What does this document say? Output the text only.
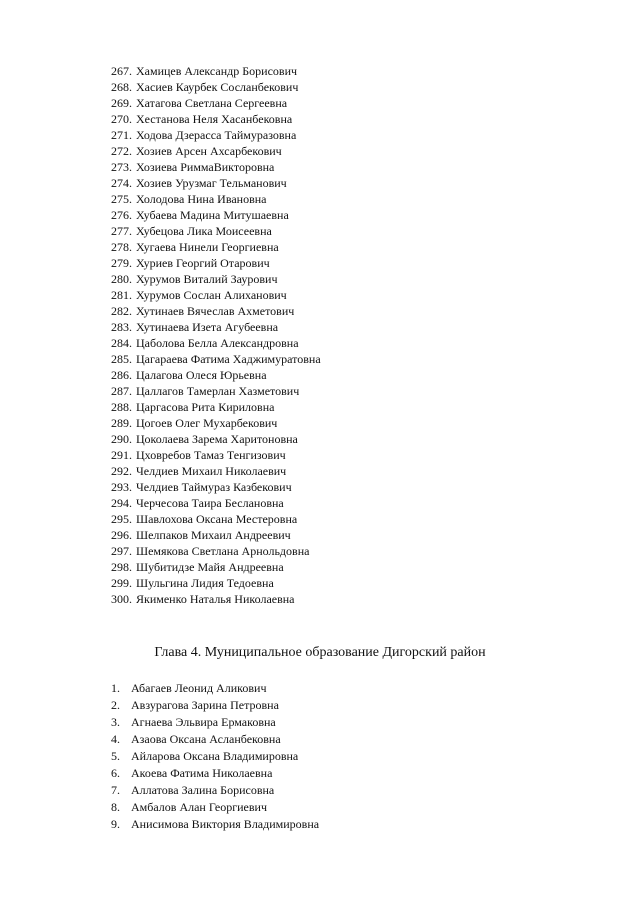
267. Хамицев Александр Борисович
268. Хасиев Каурбек Сосланбекович
269. Хатагова Светлана Сергеевна
270. Хестанова Неля Хасанбековна
271. Ходова Дзерасса Таймуразовна
272. Хозиев Арсен Ахсарбекович
273. Хозиева РиммаВикторовна
274. Хозиев Урузмаг Тельманович
275. Холодова Нина Ивановна
276. Хубаева Мадина Митушаевна
277. Хубецова Лика Моисеевна
278. Хугаева Нинели Георгиевна
279. Хуриев Георгий Отарович
280. Хурумов Виталий Заурович
281. Хурумов Сослан Алиханович
282. Хутинаев Вячеслав Ахметович
283. Хутинаева Изета Агубеевна
284. Цаболова Белла Александровна
285. Цагараева Фатима Хаджимуратовна
286. Цалагова Олеся Юрьевна
287. Цаллагов Тамерлан Хазметович
288. Царгасова Рита Кириловна
289. Цогоев Олег Мухарбекович
290. Цоколаева Зарема Харитоновна
291. Цховребов Тамаз Тенгизович
292. Челдиев Михаил Николаевич
293. Челдиев Таймураз Казбекович
294. Черчесова Таира Беслановна
295. Шавлохова Оксана Местеровна
296. Шелпаков Михаил Андреевич
297. Шемякова Светлана Арнольдовна
298. Шубитидзе Майя Андреевна
299. Шульгина Лидия Тедоевна
300. Якименко Наталья Николаевна
Глава 4. Муниципальное образование Дигорский район
1. Абагаев Леонид Аликович
2. Авзурагова Зарина Петровна
3. Агнаева Эльвира Ермаковна
4. Азаова Оксана Асланбековна
5. Айларова Оксана Владимировна
6. Акоева Фатима Николаевна
7. Аллатова Залина Борисовна
8. Амбалов Алан Георгиевич
9. Анисимова Виктория Владимировна
